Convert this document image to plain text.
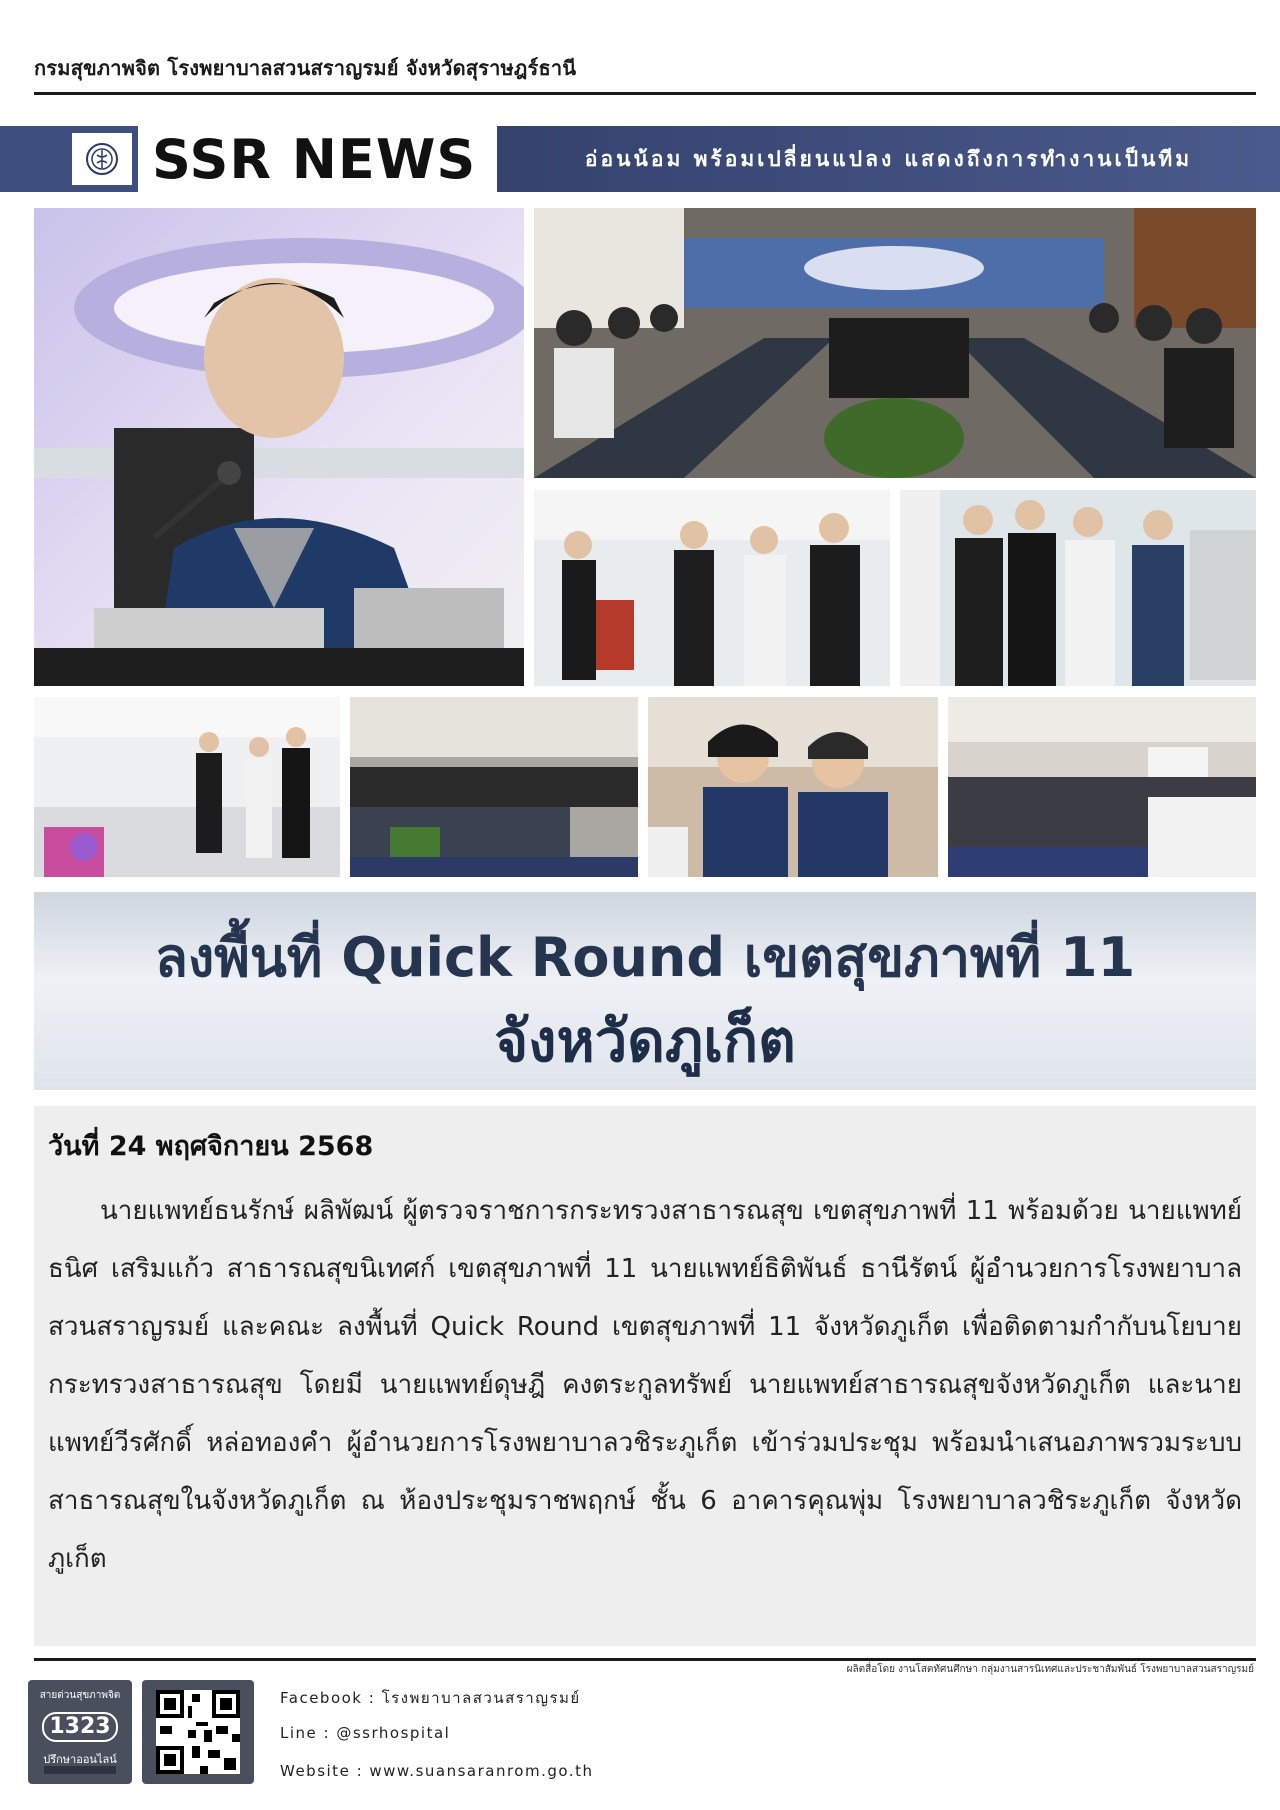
กรมสุขภาพจิต โรงพยาบาลสวนสราญรมย์ จังหวัดสุราษฎร์ธานี
SSR NEWS	อ่อนน้อม พร้อมเปลี่ยนแปลง แสดงถึงการทำงานเป็นทีม
ลงพื้นที่ Quick Round เขตสุขภาพที่ 11
จังหวัดภูเก็ต
วันที่ 24 พฤศจิกายน 2568
นายแพทย์ธนรักษ์ ผลิพัฒน์ ผู้ตรวจราชการกระทรวงสาธารณสุข เขตสุขภาพที่ 11 พร้อมด้วย นายแพทย์ธนิศ เสริมแก้ว สาธารณสุขนิเทศก์ เขตสุขภาพที่ 11 นายแพทย์ธิติพันธ์ ธานีรัตน์ ผู้อำนวยการโรงพยาบาลสวนสราญรมย์ และคณะ ลงพื้นที่ Quick Round เขตสุขภาพที่ 11 จังหวัดภูเก็ต เพื่อติดตามกำกับนโยบายกระทรวงสาธารณสุข โดยมี นายแพทย์ดุษฎี คงตระกูลทรัพย์ นายแพทย์สาธารณสุขจังหวัดภูเก็ต และนายแพทย์วีรศักดิ์ หล่อทองคำ ผู้อำนวยการโรงพยาบาลวชิระภูเก็ต เข้าร่วมประชุม พร้อมนำเสนอภาพรวมระบบสาธารณสุขในจังหวัดภูเก็ต ณ ห้องประชุมราชพฤกษ์ ชั้น 6 อาคารคุณพุ่ม โรงพยาบาลวชิระภูเก็ต จังหวัดภูเก็ต
ผลิตสื่อโดย งานโสตทัศนศึกษา กลุ่มงานสารนิเทศและประชาสัมพันธ์ โรงพยาบาลสวนสราญรมย์
สายด่วนสุขภาพจิต
1323
ปรึกษาออนไลน์
Facebook : โรงพยาบาลสวนสราญรมย์
Line : @ssrhospital
Website : www.suansaranrom.go.th
